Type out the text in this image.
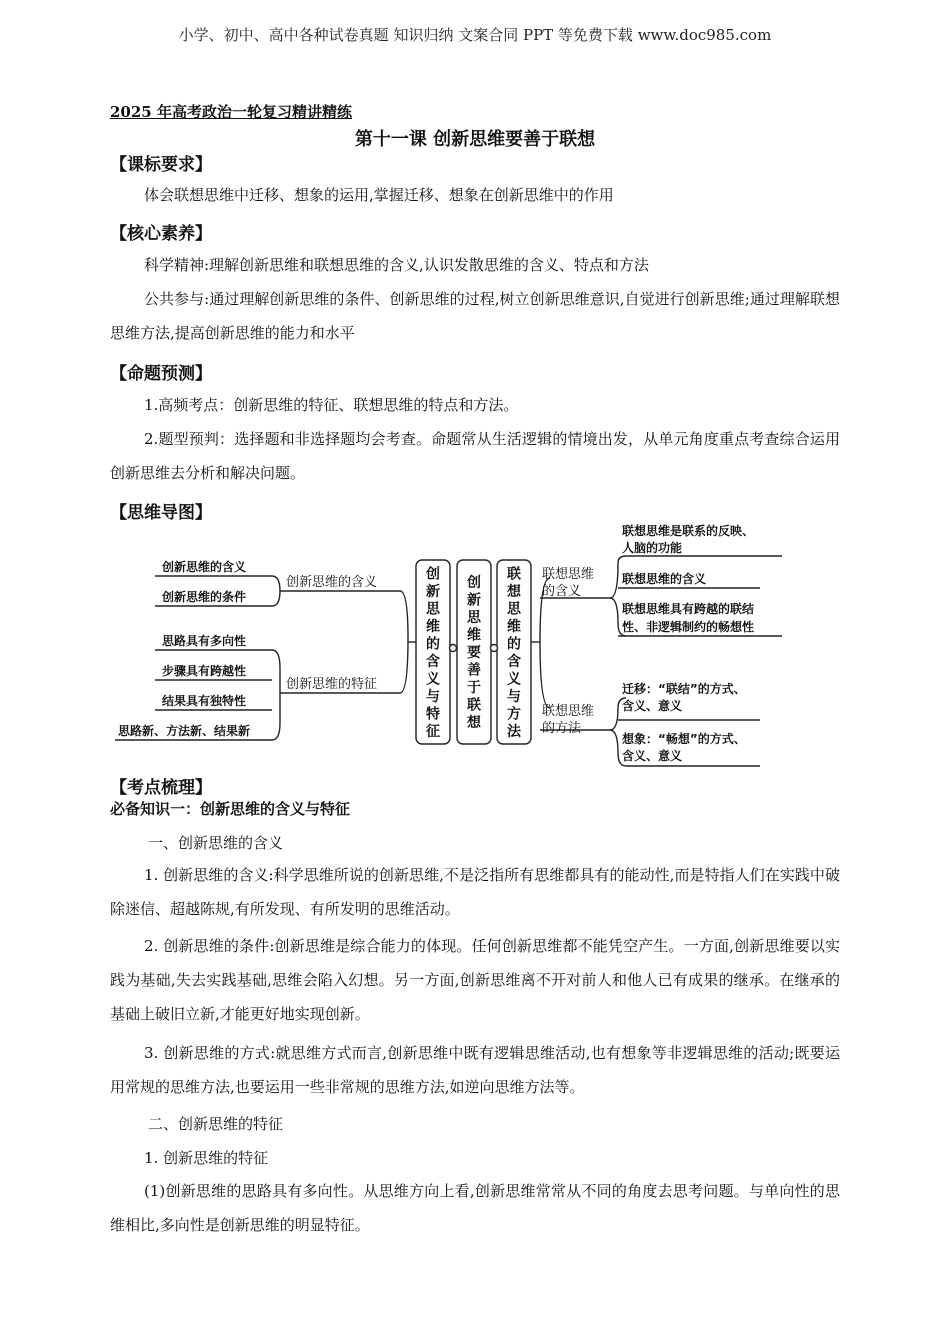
小学、初中、高中各种试卷真题 知识归纳 文案合同 PPT 等免费下载 www.doc985.com
2025 年高考政治一轮复习精讲精练
第十一课 创新思维要善于联想
【课标要求】
体会联想思维中迁移、想象的运用,掌握迁移、想象在创新思维中的作用
【核心素养】
科学精神:理解创新思维和联想思维的含义,认识发散思维的含义、特点和方法
公共参与:通过理解创新思维的条件、创新思维的过程,树立创新思维意识,自觉进行创新思维;通过理解联想思维方法,提高创新思维的能力和水平
【命题预测】
1.高频考点：创新思维的特征、联想思维的特点和方法。
2.题型预判：选择题和非选择题均会考查。命题常从生活逻辑的情境出发，从单元角度重点考查综合运用创新思维去分析和解决问题。
【思维导图】
创新思维的含义
创新思维的条件
创新思维的含义
思路具有多向性
步骤具有跨越性
结果具有独特性
思路新、方法新、结果新
创新思维的特征
创新思维的含义与特征
创新思维要善于联想
联想思维的含义与方法
联想思维
的含义
联想思维是联系的反映、
人脑的功能
联想思维的含义
联想思维具有跨越的联结
性、非逻辑制约的畅想性
联想思维
的方法
迁移：“联结”的方式、
含义、意义
想象：“畅想”的方式、
含义、意义
【考点梳理】
必备知识一：创新思维的含义与特征
一、创新思维的含义
1. 创新思维的含义:科学思维所说的创新思维,不是泛指所有思维都具有的能动性,而是特指人们在实践中破除迷信、超越陈规,有所发现、有所发明的思维活动。
2. 创新思维的条件:创新思维是综合能力的体现。任何创新思维都不能凭空产生。一方面,创新思维要以实践为基础,失去实践基础,思维会陷入幻想。另一方面,创新思维离不开对前人和他人已有成果的继承。在继承的基础上破旧立新,才能更好地实现创新。
3. 创新思维的方式:就思维方式而言,创新思维中既有逻辑思维活动,也有想象等非逻辑思维的活动;既要运用常规的思维方法,也要运用一些非常规的思维方法,如逆向思维方法等。
二、创新思维的特征
1. 创新思维的特征
(1)创新思维的思路具有多向性。从思维方向上看,创新思维常常从不同的角度去思考问题。与单向性的思维相比,多向性是创新思维的明显特征。
